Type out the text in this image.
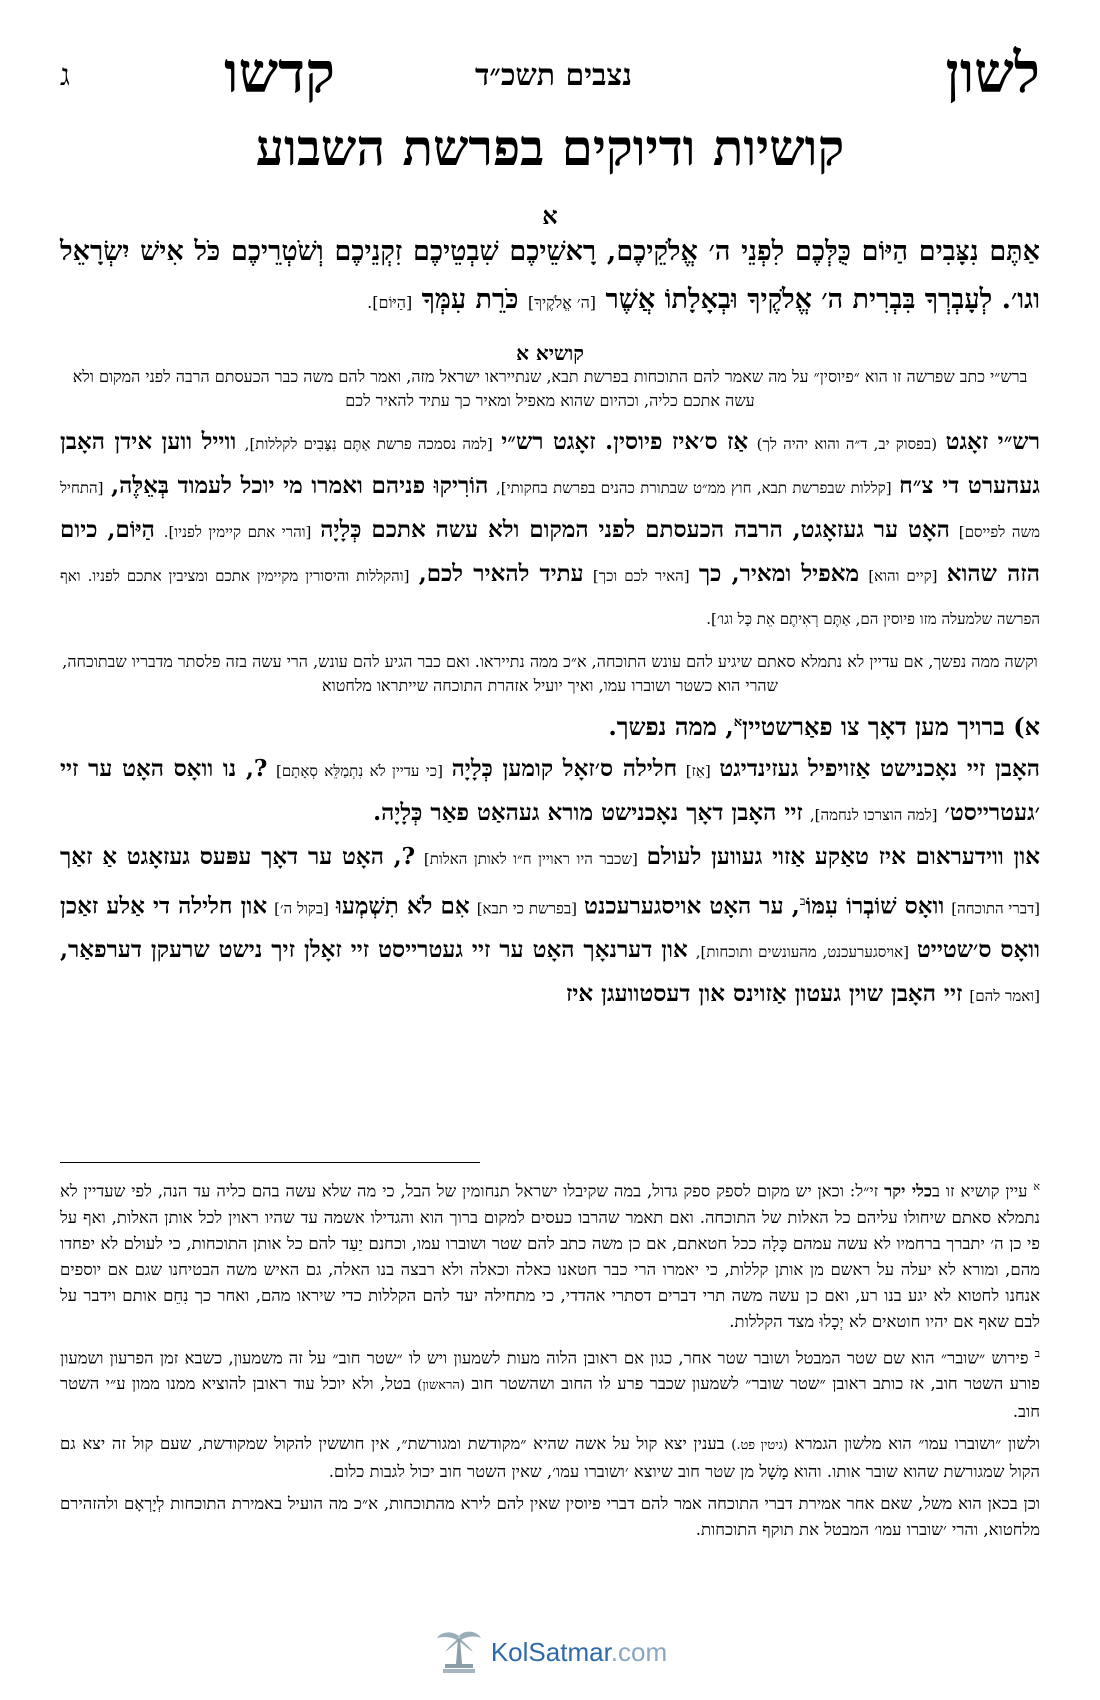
לשון
קדשו	נצבים תשכ״ד
ג
קושיות ודיוקים בפרשת השבוע
א

אַתֶּם נִצָּבִים הַיּוֹם כֻּלְּכֶם לִפְנֵי ה׳ אֱלֹקֵיכֶם, רָאשֵׁיכֶם שִׁבְטֵיכֶם זִקְנֵיכֶם וְשֹׁטְרֵיכֶם כֹּל אִישׁ יִשְׂרָאֵל וגו׳. לְעָבְרְךָ בִּבְרִית ה׳ אֱלֹקֶיךָ וּבְאָלָתוֹ אֲשֶׁר [ה׳ אֱלֹקֶיךָ] כֹּרֵת עִמְּךָ [הַיּוֹם].

קושיא א

ברש״י כתב שפרשה זו הוא ״פיוסין״ על מה שאמר להם התוכחות בפרשת תבא, שנתייראו ישראל מזה, ואמר להם משה כבר הכעסתם הרבה לפני המקום ולא עשה אתכם כליה, וכהיום שהוא מאפיל ומאיר כך עתיד להאיר לכם

רש״י זאָגט (בפסוק יב, ד״ה והוא יהיה לך) אַז ס׳איז פיוסין. זאָגט רש״י [למה נסמכה פרשת אַתֶּם נִצָּבִים לקללות], ווייל ווען אידן האָבן געהערט די צ״ח [קללות שבפרשת תבא, חוץ ממ״ט שבתורת כהנים בפרשת בחקותי], הוֹרִיקוּ פניהם ואמרו מי יוכל לעמוד בְּאֵלֶּה, [התחיל משה לפייסם] האָט ער געזאָגט, הרבה הכעסתם לפני המקום ולא עשה אתכם כְּלָיָה [והרי אתם קיימין לפניו]. הַיּוֹם, כיום הזה שהוא [קיים והוא] מאפיל ומאיר, כך [האיר לכם וכך] עתיד להאיר לכם, [והקללות והיסורין מקיימין אתכם ומציבין אתכם לפניו. ואף הפרשה שלמעלה מזו פיוסין הם, אַתֶּם רְאִיתֶם אֵת כָּל וגו׳].

וקשה ממה נפשך, אם עדיין לא נתמלא סאתם שיגיע להם עונש התוכחה, א״כ ממה נתייראו. ואם כבר הגיע להם עונש, הרי עשה בזה פלסתר מדבריו שבתוכחה, שהרי הוא כשטר ושוברו עמו, ואיך יועיל אזהרת התוכחה שייתראו מלחטוא

א) ברויך מען דאָך צו פאַרשטיין$^א$, ממה נפשך.

האָבן זיי נאָכנישט אַזויפיל געזינדיגט [אַז] חלילה ס׳זאָל קומען כְּלָיָה [כי עדיין לֹא נִתְמַלֵּא סְאָתָם] ?, נו וואָס האָט ער זיי ׳געטרייסט׳ [למה הוצרכו לנחמה], זיי האָבן דאָך נאָכנישט מורא געהאַט פאַר כְּלָיָה.

און ווידעראום איז טאַקע אַזוי געווען לעולם [שכבר היו ראויין ח״ו לאותן האלות] ?, האָט ער דאָך עפּעס געזאָגט אַ זאַך [דברי התוכחה] וואָס שׁוֹבְרוֹ עִמּוֹ$^ב$, ער האָט אויסגערעכנט [בפרשת כי תבא] אִם לֹא תִשְׁמְעוּ [בקול ה׳] און חלילה די אַלע זאַכן וואָס ס׳שטייט [אויסגערעכנט, מהעונשים ותוכחות], און דערנאָך האָט ער זיי געטרייסט זיי זאָלן זיך נישט שרעקן דערפאַר, [ואמר להם] זיי האָבן שוין געטון אַזוינס און דעסטוועגן איז

$^א$ עיין קושיא זו בכלי יקר זי״ל: וכאן יש מקום לספק ספק גדול, במה שקיבלו ישראל תנחומין של הבל, כי מה שלא עשה בהם כליה עד הנה, לפי שעדיין לא נתמלא סאתם שיחולו עליהם כל האלות של התוכחה. ואם תאמר שהרבו כעסים למקום ברוך הוא והגדילו אשמה עד שהיו ראוין לכל אותן האלות, ואף על פי כן ה׳ יתברך ברחמיו לא עשה עמהם כָּלָה ככל חטאתם, אם כן משה כתב להם שטר ושוברו עמו, וכחנם יַעַד להם כל אותן התוכחות, כי לעולם לא יפחדו מהם, ומורא לא יעלה על ראשם מן אותן קללות, כי יאמרו הרי כבר חטאנו כאלה וכאלה ולא רבצה בנו האלה, גם האיש משה הבטיחנו שגם אם יוספים אנחנו לחטוא לא יגע בנו רע, ואם כן עשה משה תרי דברים דסתרי אהדדי, כי מתחילה יעד להם הקללות כדי שיראו מהם, ואחר כך נִחֵם אותם וידבר על לבם שאף אם יהיו חוטאים לא יְכָלוּ מצד הקללות.

$^ב$ פירוש ״שובר״ הוא שם שטר המבטל ושובר שטר אחר, כגון אם ראובן הלוה מעות לשמעון ויש לו ״שטר חוב״ על זה משמעון, כשבא זמן הפרעון ושמעון פורע השטר חוב, אז כותב ראובן ״שטר שובר״ לשמעון שכבר פרע לו החוב ושהשטר חוב (הראשון) בטל, ולא יוכל עוד ראובן להוציא ממנו ממון ע״י השטר חוב.

ולשון ״ושוברו עמו״ הוא מלשון הגמרא (גיטין פט.) בענין יצא קול על אשה שהיא ״מקודשת ומגורשת״, אין חוששין להקול שמקודשת, שעם קול זה יצא גם הקול שמגורשת שהוא שובר אותו. והוא מָשָׁל מן שטר חוב שיוצא ׳ושוברו עמו׳, שאין השטר חוב יכול לגבות כלום.

וכן בכאן הוא משל, שאם אחר אמירת דברי התוכחה אמר להם דברי פיוסין שאין להם לירא מהתוכחות, א״כ מה הועיל באמירת התוכחות לְיָרְאָם ולהזהירם מלחטוא, והרי ׳שוברו עמו׳ המבטל את תוקף התוכחות.

KolSatmar.com
